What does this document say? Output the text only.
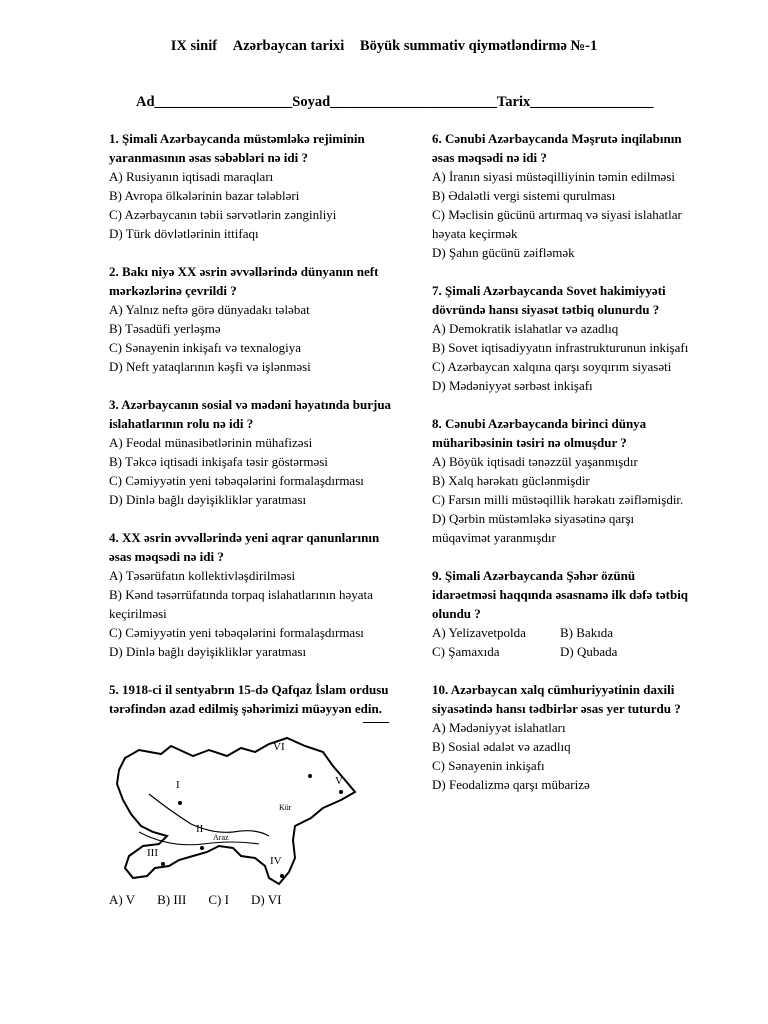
IX sinif Azərbaycan tarixi Böyük summativ qiymətləndirmə №-1
Ad___________________Soyad_______________________Tarix_________________
1. Şimali Azərbaycanda müstəmləkə rejiminin yaranmasının əsas səbəbləri nə idi ?
A) Rusiyanın iqtisadi maraqları
B) Avropa ölkələrinin bazar tələbləri
C) Azərbaycanın təbii sərvətlərin zənginliyi
D) Türk dövlətlərinin ittifaqı
2. Bakı niyə XX əsrin əvvəllərində dünyanın neft mərkəzlərinə çevrildi ?
A) Yalnız neftə görə dünyadakı tələbat
B) Təsadüfi yerləşmə
C) Sənayenin inkişafı və texnalogiya
D) Neft yataqlarının kəşfi və işlənməsi
3. Azərbaycanın sosial və mədəni həyatında burjua islahatlarının rolu nə idi ?
A) Feodal münasibətlərinin mühafizəsi
B) Təkcə iqtisadi inkişafa təsir göstərməsi
C) Cəmiyyətin yeni təbəqələrini formalaşdırması
D) Dinlə bağlı dəyişikliklər yaratması
4. XX əsrin əvvəllərində yeni aqrar qanunlarının əsas məqsədi nə idi ?
A) Təsərüfatın kollektivləşdirilməsi
B) Kənd təsərrüfatında torpaq islahatlarının həyata keçirilməsi
C) Cəmiyyətin yeni təbəqələrini formalaşdırması
D) Dinlə bağlı dəyişikliklər yaratması
5. 1918-ci il sentyabrın 15-də Qafqaz İslam ordusu tərəfindən azad edilmiş şəhərimizi müəyyən edin.
VI
V
I
II
III
IV
Araz
Kür
A) V B) III C) I D) VI
6. Cənubi Azərbaycanda Məşrutə inqilabının əsas məqsədi nə idi ?
A) İranın siyasi müstəqilliyinin təmin edilməsi
B) Ədalətli vergi sistemi qurulması
C) Məclisin gücünü artırmaq və siyasi islahatlar həyata keçirmək
D) Şahın gücünü zəifləmək
7. Şimali Azərbaycanda Sovet hakimiyyəti dövründə hansı siyasət tətbiq olunurdu ?
A) Demokratik islahatlar və azadlıq
B) Sovet iqtisadiyyatın infrastrukturunun inkişafı
C) Azərbaycan xalqına qarşı soyqırım siyasəti
D) Mədəniyyət sərbəst inkişafı
8. Cənubi Azərbaycanda birinci dünya müharibəsinin təsiri nə olmuşdur ?
A) Böyük iqtisadi tənəzzül yaşanmışdır
B) Xalq hərəkatı güclənmişdir
C) Farsın milli müstəqillik hərəkatı zəifləmişdir.
D) Qərbin müstəmləkə siyasətinə qarşı müqavimət yaranmışdır
9. Şimali Azərbaycanda Şəhər özünü idarəetməsi haqqında əsasnamə ilk dəfə tətbiq olundu ?
A) Yelizavetpolda	B) Bakıda
C) Şamaxıda	D) Qubada
10. Azərbaycan xalq cümhuriyyətinin daxili siyasətində hansı tədbirlər əsas yer tuturdu ?
A) Mədəniyyət islahatları
B) Sosial ədalət və azadlıq
C) Sənayenin inkişafı
D) Feodalizmə qarşı mübarizə
